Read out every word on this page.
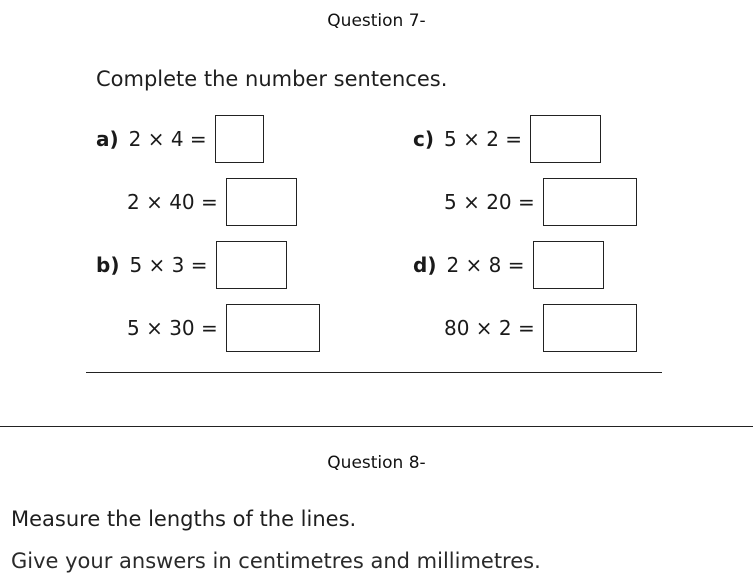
Question 7-
Complete the number sentences.
a) 2 × 4 =
2 × 40 =
b) 5 × 3 =
5 × 30 =
c) 5 × 2 =
5 × 20 =
d) 2 × 8 =
80 × 2 =
Question 8-
Measure the lengths of the lines.
Give your answers in centimetres and millimetres.
